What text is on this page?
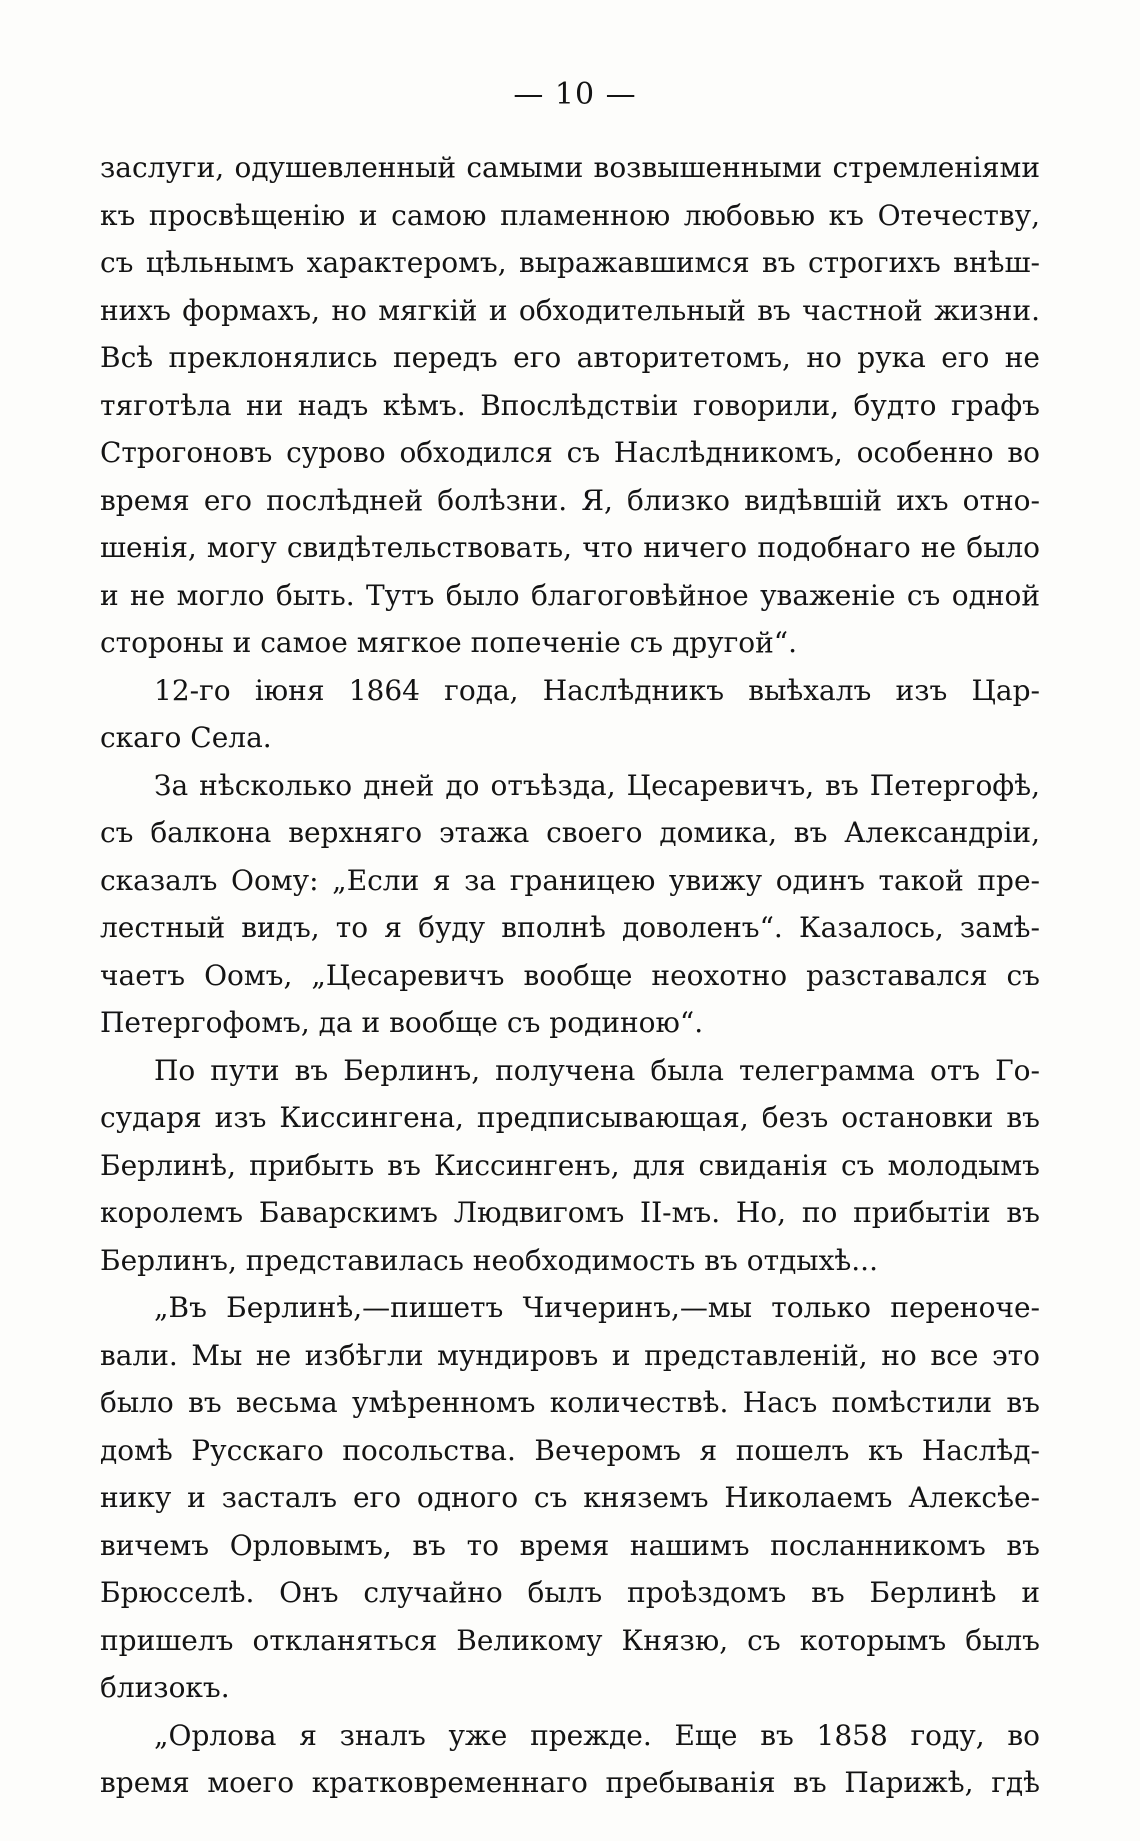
— 10 —
заслуги, одушевленный самыми возвышенными стремленіями
къ просвѣщенію и самою пламенною любовью къ Отечеству,
съ цѣльнымъ характеромъ, выражавшимся въ строгихъ внѣш-
нихъ формахъ, но мягкій и обходительный въ частной жизни.
Всѣ преклонялись передъ его авторитетомъ, но рука его не
тяготѣла ни надъ кѣмъ. Впослѣдствіи говорили, будто графъ
Строгоновъ сурово обходился съ Наслѣдникомъ, особенно во
время его послѣдней болѣзни. Я, близко видѣвшій ихъ отно-
шенія, могу свидѣтельствовать, что ничего подобнаго не было
и не могло быть. Тутъ было благоговѣйное уваженіе съ одной
стороны и самое мягкое попеченіе съ другой“.
12-го іюня 1864 года, Наслѣдникъ выѣхалъ изъ Цар-
скаго Села.
За нѣсколько дней до отъѣзда, Цесаревичъ, въ Петергофѣ,
съ балкона верхняго этажа своего домика, въ Александріи,
сказалъ Оому: „Если я за границею увижу одинъ такой пре-
лестный видъ, то я буду вполнѣ доволенъ“. Казалось, замѣ-
чаетъ Оомъ, „Цесаревичъ вообще неохотно разставался съ
Петергофомъ, да и вообще съ родиною“.
По пути въ Берлинъ, получена была телеграмма отъ Го-
сударя изъ Киссингена, предписывающая, безъ остановки въ
Берлинѣ, прибыть въ Киссингенъ, для свиданія съ молодымъ
королемъ Баварскимъ Людвигомъ II-мъ. Но, по прибытіи въ
Берлинъ, представилась необходимость въ отдыхѣ...
„Въ Берлинѣ,—пишетъ Чичеринъ,—мы только переноче-
вали. Мы не избѣгли мундировъ и представленій, но все это
было въ весьма умѣренномъ количествѣ. Насъ помѣстили въ
домѣ Русскаго посольства. Вечеромъ я пошелъ къ Наслѣд-
нику и засталъ его одного съ княземъ Николаемъ Алексѣе-
вичемъ Орловымъ, въ то время нашимъ посланникомъ въ
Брюсселѣ. Онъ случайно былъ проѣздомъ въ Берлинѣ и
пришелъ откланяться Великому Князю, съ которымъ былъ
близокъ.
„Орлова я зналъ уже прежде. Еще въ 1858 году, во
время моего кратковременнаго пребыванія въ Парижѣ, гдѣ
